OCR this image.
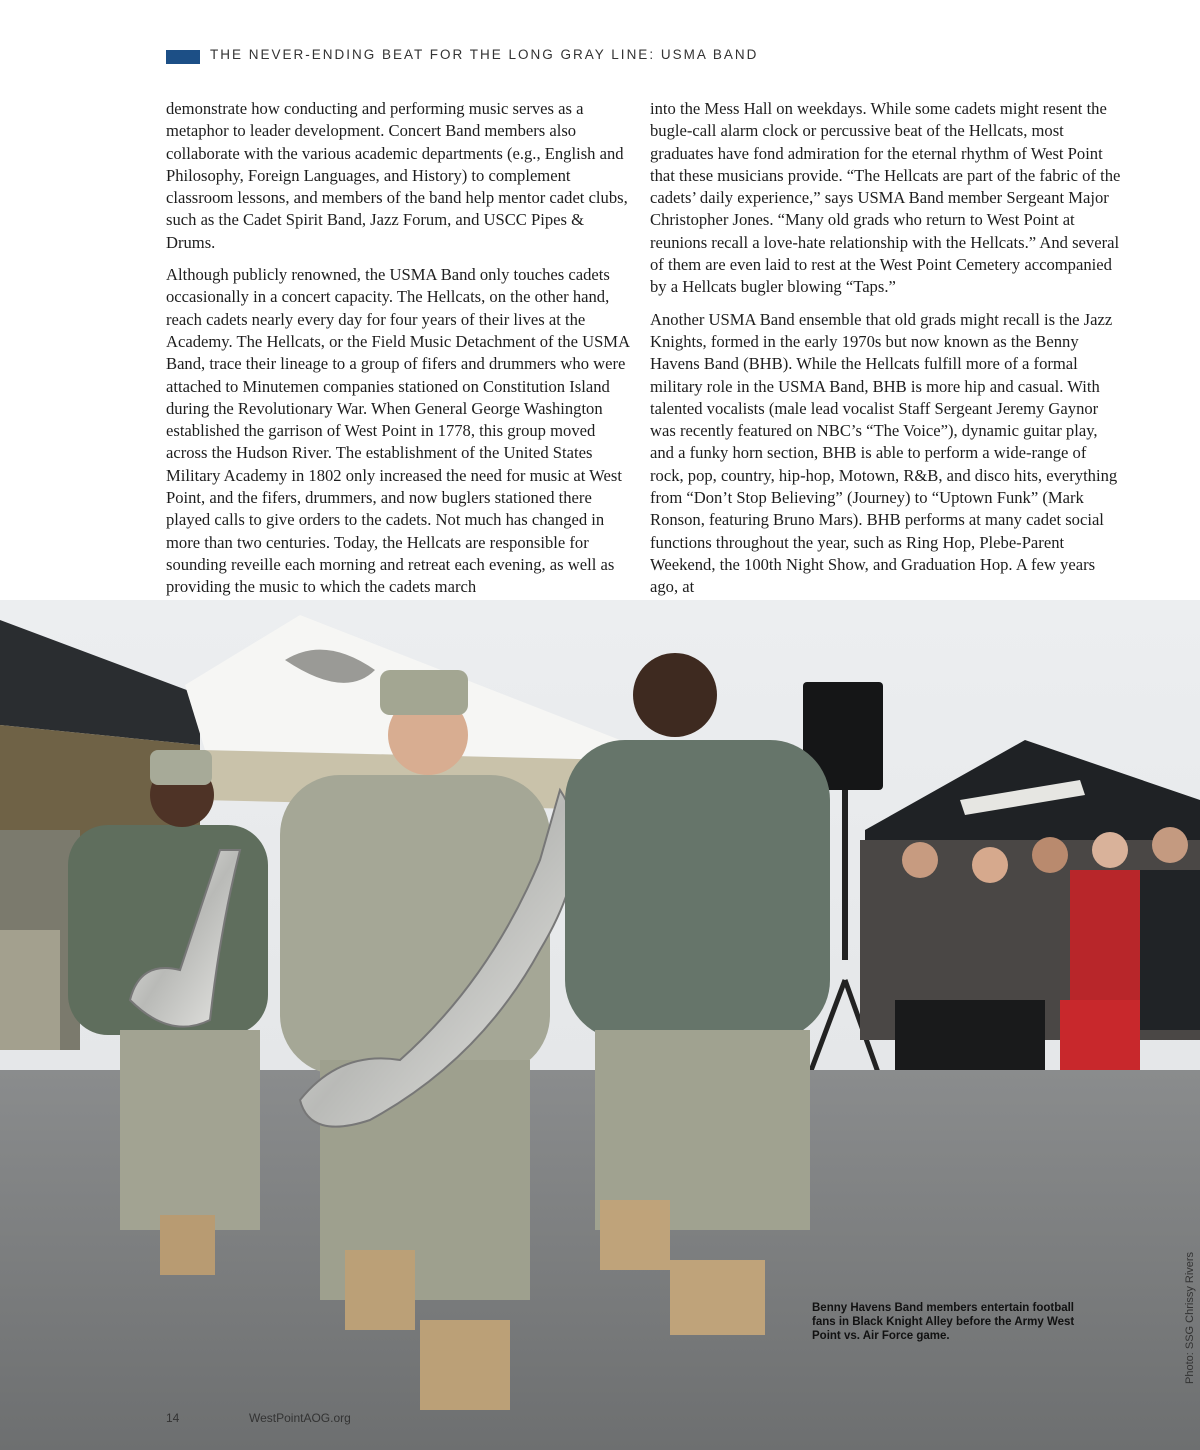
THE NEVER-ENDING BEAT FOR THE LONG GRAY LINE: USMA BAND

demonstrate how conducting and performing music serves as a metaphor to leader development. Concert Band members also collaborate with the various academic departments (e.g., English and Philosophy, Foreign Languages, and History) to complement classroom lessons, and members of the band help mentor cadet clubs, such as the Cadet Spirit Band, Jazz Forum, and USCC Pipes & Drums.

Although publicly renowned, the USMA Band only touches cadets occasionally in a concert capacity. The Hellcats, on the other hand, reach cadets nearly every day for four years of their lives at the Academy. The Hellcats, or the Field Music Detachment of the USMA Band, trace their lineage to a group of fifers and drummers who were attached to Minutemen companies stationed on Constitution Island during the Revolutionary War. When General George Washington established the garrison of West Point in 1778, this group moved across the Hudson River. The establishment of the United States Military Academy in 1802 only increased the need for music at West Point, and the fifers, drummers, and now buglers stationed there played calls to give orders to the cadets. Not much has changed in more than two centuries. Today, the Hellcats are responsible for sounding reveille each morning and retreat each evening, as well as providing the music to which the cadets march

into the Mess Hall on weekdays. While some cadets might resent the bugle-call alarm clock or percussive beat of the Hellcats, most graduates have fond admiration for the eternal rhythm of West Point that these musicians provide. “The Hellcats are part of the fabric of the cadets’ daily experience,” says USMA Band member Sergeant Major Christopher Jones. “Many old grads who return to West Point at reunions recall a love-hate relationship with the Hellcats.” And several of them are even laid to rest at the West Point Cemetery accompanied by a Hellcats bugler blowing “Taps.”

Another USMA Band ensemble that old grads might recall is the Jazz Knights, formed in the early 1970s but now known as the Benny Havens Band (BHB). While the Hellcats fulfill more of a formal military role in the USMA Band, BHB is more hip and casual. With talented vocalists (male lead vocalist Staff Sergeant Jeremy Gaynor was recently featured on NBC’s “The Voice”), dynamic guitar play, and a funky horn section, BHB is able to perform a wide-range of rock, pop, country, hip-hop, Motown, R&B, and disco hits, everything from “Don’t Stop Believing” (Journey) to “Uptown Funk” (Mark Ronson, featuring Bruno Mars). BHB performs at many cadet social functions throughout the year, such as Ring Hop, Plebe-Parent Weekend, the 100th Night Show, and Graduation Hop. A few years ago, at

Benny Havens Band members entertain football fans in Black Knight Alley before the Army West Point vs. Air Force game.	Photo: SSG Chrissy Rivers
14	WestPointAOG.org
